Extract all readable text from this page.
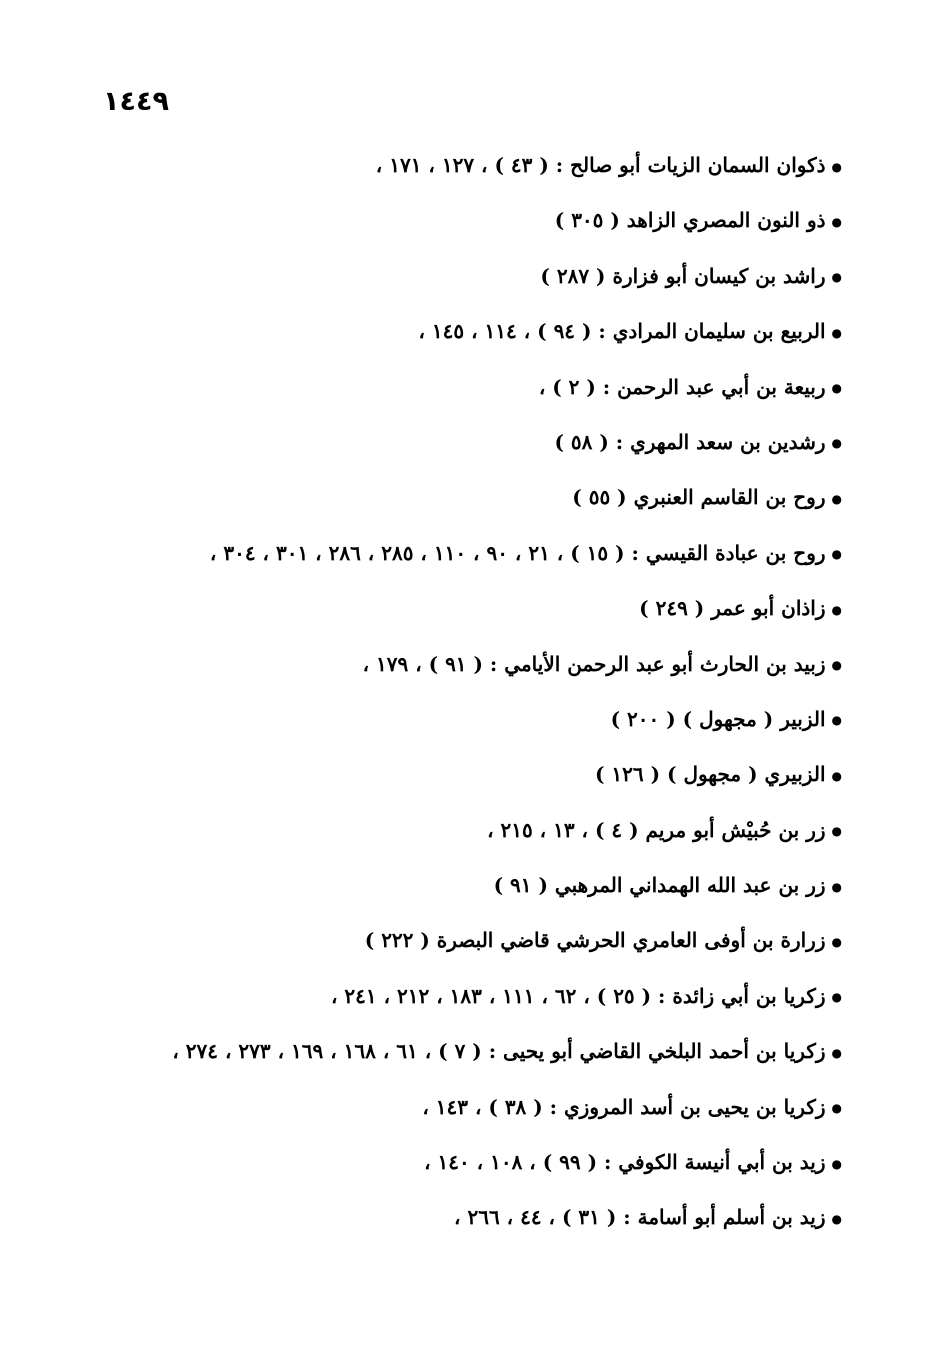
١٤٤٩
●ذكوان السمان الزيات أبو صالح : ( ٤٣ ) ، ١٢٧ ، ١٧١ ،
●ذو النون المصري الزاهد ( ٣٠٥ )
●راشد بن كيسان أبو فزارة ( ٢٨٧ )
●الربيع بن سليمان المرادي : ( ٩٤ ) ، ١١٤ ، ١٤٥ ،
●ربيعة بن أبي عبد الرحمن : ( ٢ ) ،
●رشدين بن سعد المهري : ( ٥٨ )
●روح بن القاسم العنبري ( ٥٥ )
●روح بن عبادة القيسي : ( ١٥ ) ، ٢١ ، ٩٠ ، ١١٠ ، ٢٨٥ ، ٢٨٦ ، ٣٠١ ، ٣٠٤ ،
●زاذان أبو عمر ( ٢٤٩ )
●زبيد بن الحارث أبو عبد الرحمن الأيامي : ( ٩١ ) ، ١٧٩ ،
●الزبير ( مجهول ) ( ٢٠٠ )
●الزبيري ( مجهول ) ( ١٢٦ )
●زر بن حُبيْش أبو مريم ( ٤ ) ، ١٣ ، ٢١٥ ،
●زر بن عبد الله الهمداني المرهبي ( ٩١ )
●زرارة بن أوفى العامري الحرشي قاضي البصرة ( ٢٢٢ )
●زكريا بن أبي زائدة : ( ٢٥ ) ، ٦٢ ، ١١١ ، ١٨٣ ، ٢١٢ ، ٢٤١ ،
●زكريا بن أحمد البلخي القاضي أبو يحيى : ( ٧ ) ، ٦١ ، ١٦٨ ، ١٦٩ ، ٢٧٣ ، ٢٧٤ ،
●زكريا بن يحيى بن أسد المروزي : ( ٣٨ ) ، ١٤٣ ،
●زيد بن أبي أنيسة الكوفي : ( ٩٩ ) ، ١٠٨ ، ١٤٠ ،
●زيد بن أسلم أبو أسامة : ( ٣١ ) ، ٤٤ ، ٢٦٦ ،
